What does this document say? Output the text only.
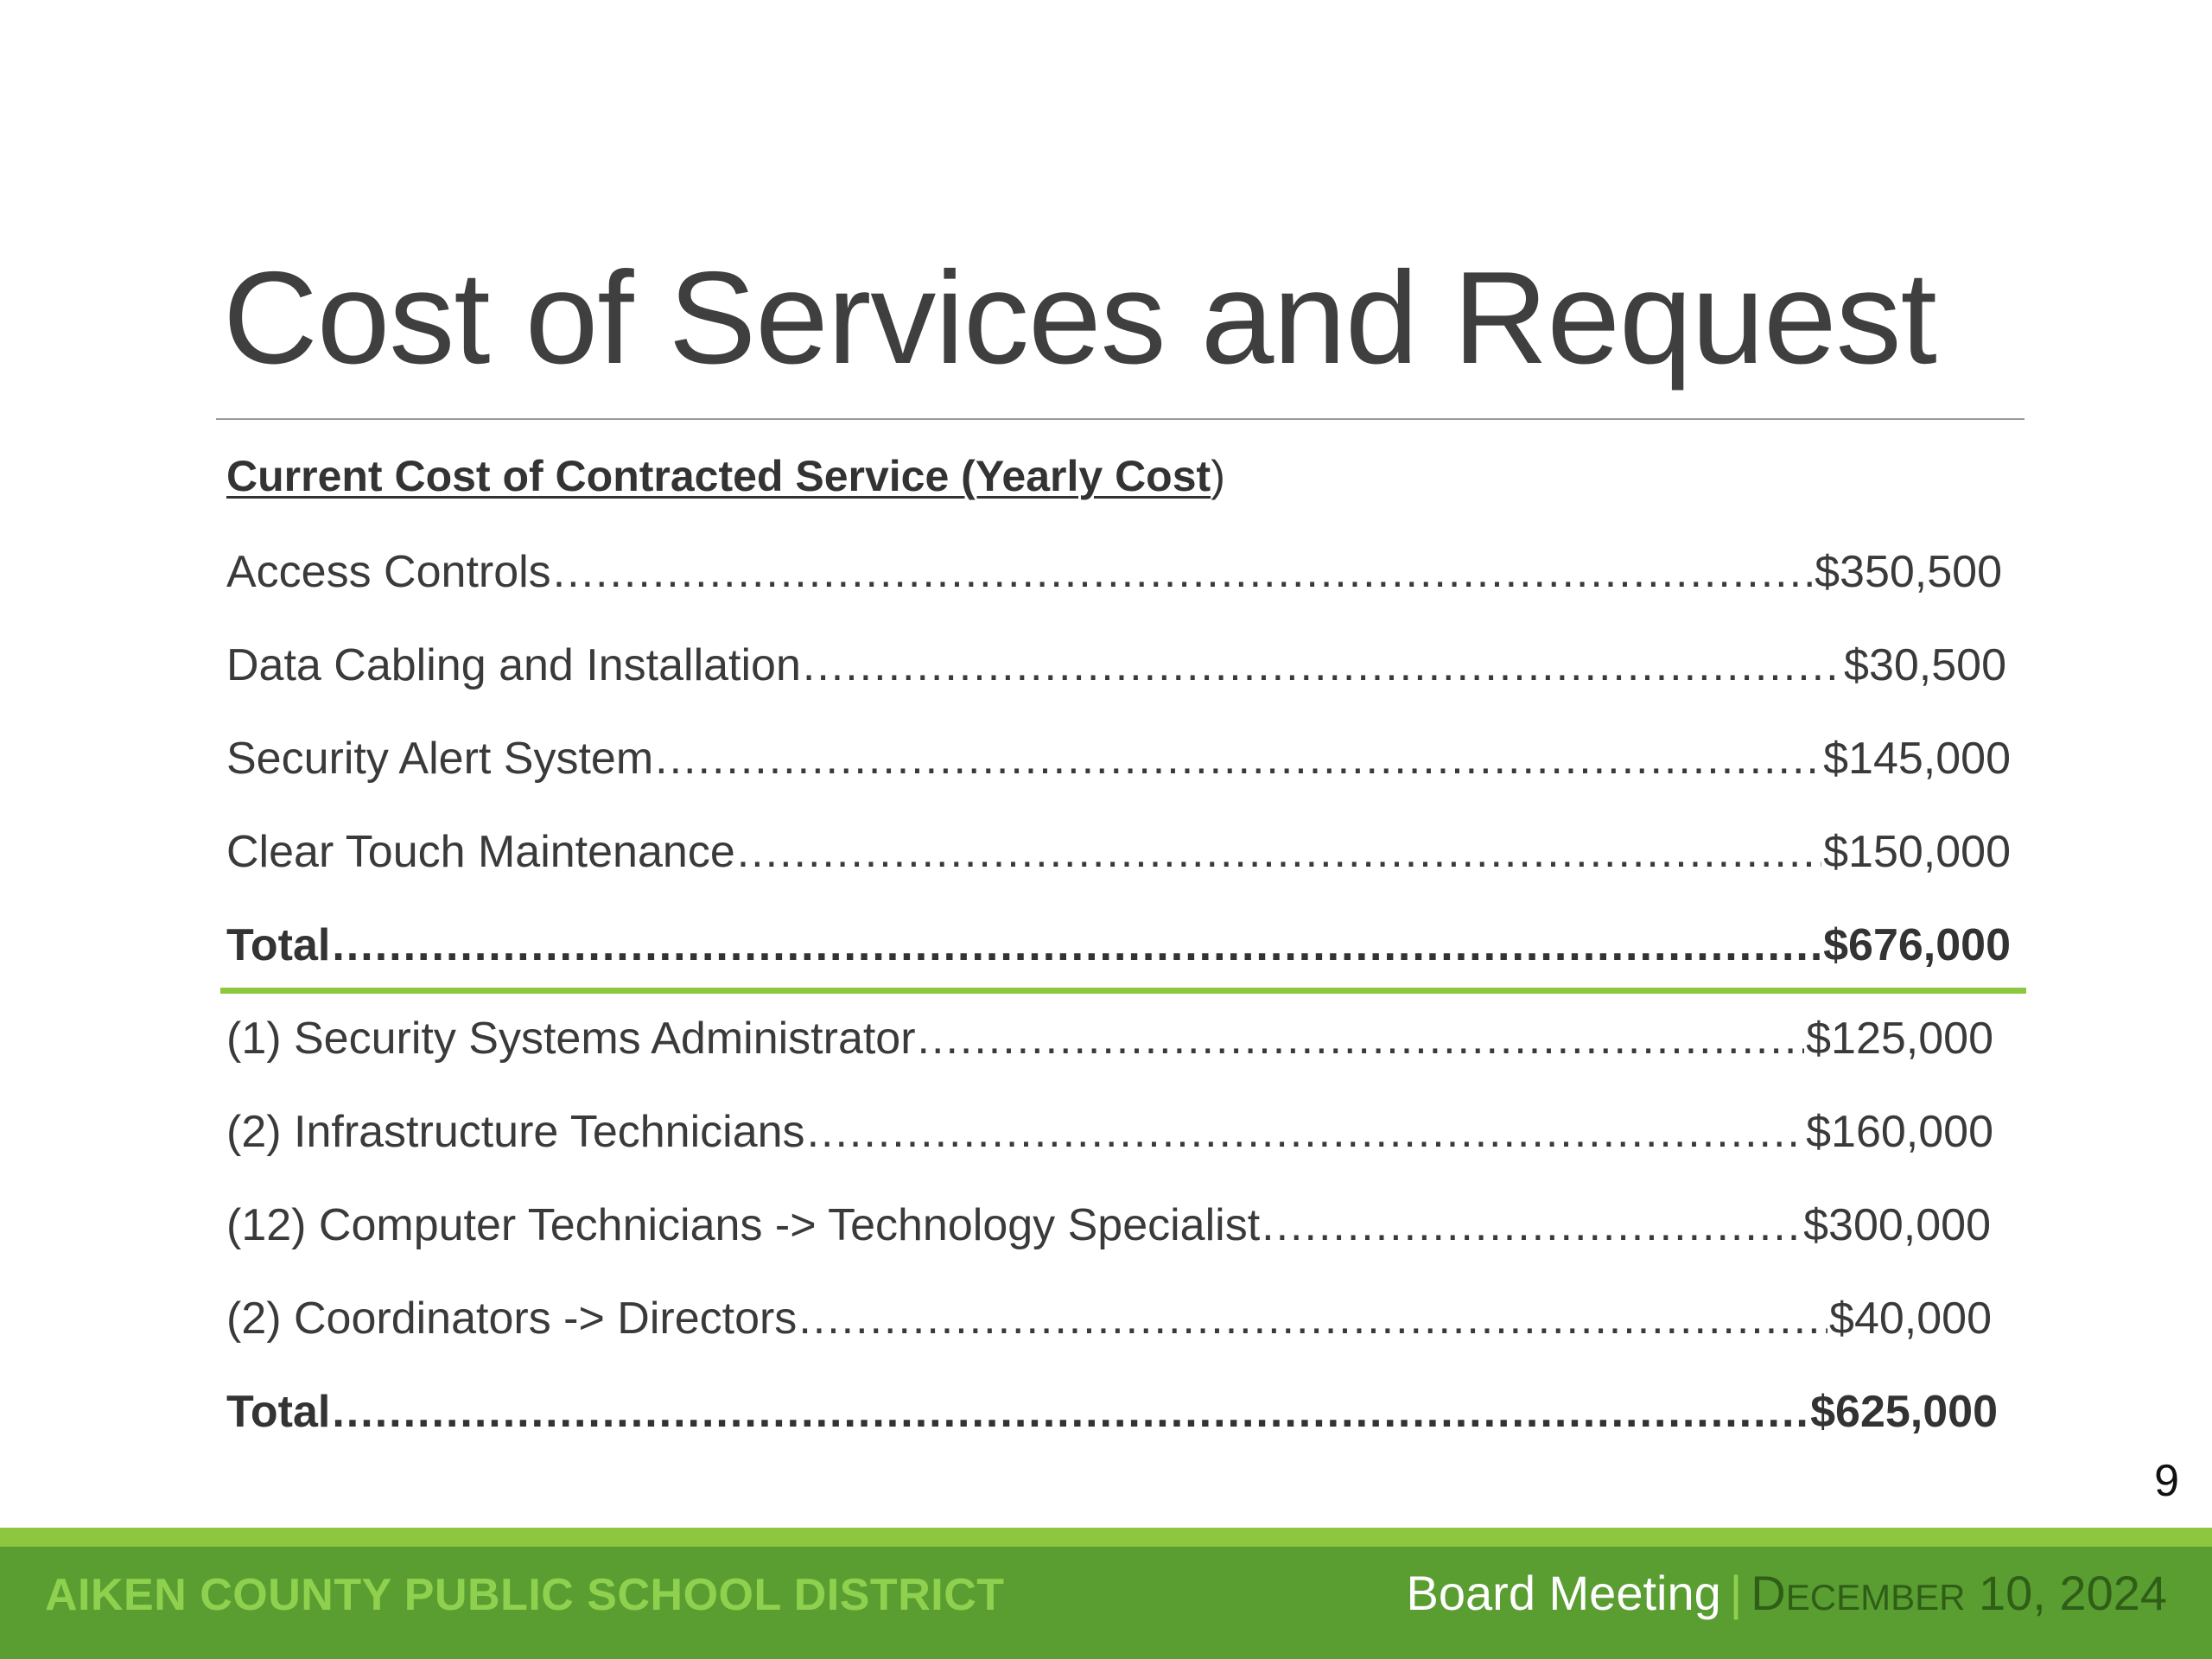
Cost of Services and Request
Current Cost of Contracted Service (Yearly Cost)
Access Controls .....	$350,500
Data Cabling and Installation .....	$30,500
Security Alert System .....	$145,000
Clear Touch Maintenance .....	$150,000
Total .....	$676,000
(1) Security Systems Administrator .....	$125,000
(2) Infrastructure Technicians .....	$160,000
(12) Computer Technicians -> Technology Specialist .....	$300,000
(2) Coordinators -> Directors .....	$40,000
Total .....	$625,000
9
AIKEN COUNTY PUBLIC SCHOOL DISTRICT	Board Meeting | DECEMBER 10, 2024
